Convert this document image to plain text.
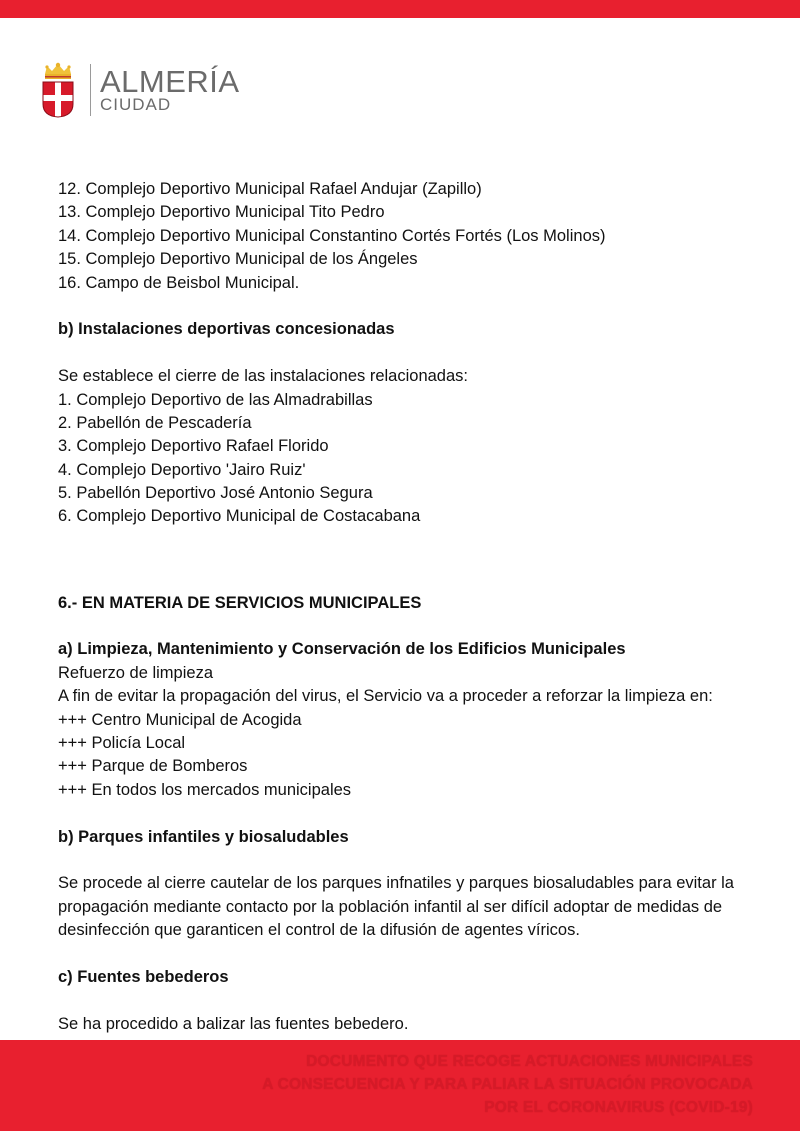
ALMERÍA
CIUDAD
12. Complejo Deportivo Municipal Rafael Andujar (Zapillo)
13. Complejo Deportivo Municipal Tito Pedro
14. Complejo Deportivo Municipal Constantino Cortés Fortés (Los Molinos)
15. Complejo Deportivo Municipal de los Ángeles
16. Campo de Beisbol Municipal.
b) Instalaciones deportivas concesionadas
Se establece el cierre de las instalaciones relacionadas:
1. Complejo Deportivo de las Almadrabillas
2. Pabellón de Pescadería
3. Complejo Deportivo Rafael Florido
4. Complejo Deportivo 'Jairo Ruiz'
5. Pabellón Deportivo José Antonio Segura
6. Complejo Deportivo Municipal de Costacabana
6.- EN MATERIA DE SERVICIOS MUNICIPALES
a) Limpieza, Mantenimiento y Conservación de los Edificios Municipales
Refuerzo de limpieza
A fin de evitar la propagación del virus, el Servicio va a proceder a reforzar la limpieza en:
+++ Centro Municipal de Acogida
+++ Policía Local
+++ Parque de Bomberos
+++ En todos los mercados municipales
b) Parques infantiles y biosaludables
Se procede al cierre cautelar de los parques infnatiles y parques biosaludables para evitar la
propagación mediante contacto por la población infantil al ser difícil adoptar de medidas de
desinfección que garanticen el control de la difusión de agentes víricos.
c) Fuentes bebederos
Se ha procedido a balizar las fuentes bebedero.
DOCUMENTO QUE RECOGE ACTUACIONES MUNICIPALES
A CONSECUENCIA Y PARA PALIAR LA SITUACIÓN PROVOCADA
POR EL CORONAVIRUS (COVID-19)
